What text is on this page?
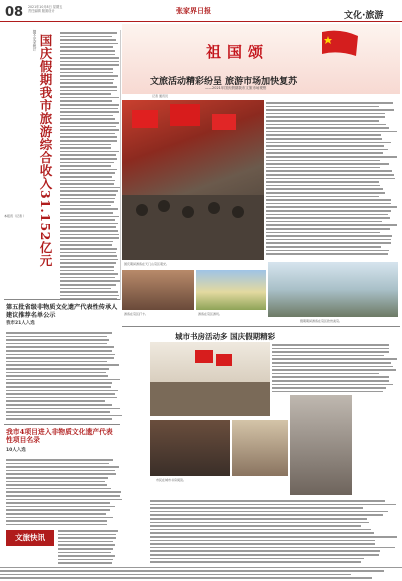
08 2021年10月8日 星期五
责任编辑 版面设计	张家界日报
文化·旅游
据不完全统计 国庆假期我市旅游综合收入31.152亿元
本报讯（记者 ）
祖国颂
文旅活动精彩纷呈 旅游市场加快复苏
——2021年国庆假期我市文旅市场观察
记者 通讯员
国庆期间游客在天门山景区观光。
游客在景区游玩。
游客在景区打卡。
假期期间游客在景区欣赏美景。
城市书房活动多 国庆假期精彩
市民在城市书房阅读。
第五批省级非物质文化遗产代表性传承人建议推荐名单公示
我市21人入选
我市4项目进入非物质文化遗产代表性项目名录
10人入选
文旅快讯
